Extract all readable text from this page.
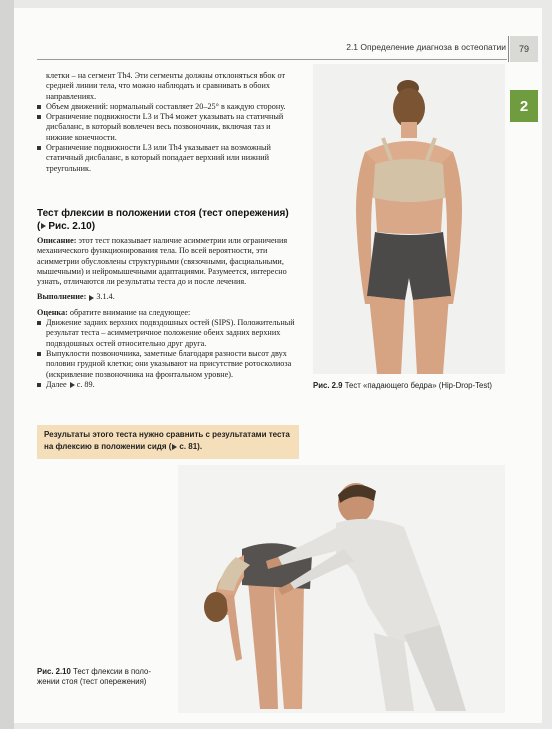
2.1 Определение диагноза в остеопатии	79
2

клетки – на сегмент Th4. Эти сегменты должны отклоняться вбок от средней линии тела, что можно наблюдать и сравнивать в обоих направлениях.

Объем движений: нормальный составляет 20–25° в каждую сторону.
Ограничение подвижности L3 и Th4 может указывать на статичный дисбаланс, в который вовлечен весь позвоночник, включая таз и нижние конечности.
Ограничение подвижности L3 или Th4 указывает на возможный статичный дисбаланс, в который попадает верхний или нижний треугольник.
Тест флексии в положении стоя (тест опережения)
( Рис. 2.10)

Описание: этот тест показывает наличие асимметрии или ограничения механического функционирования тела. По всей вероятности, эти асимметрии обусловлены структурными (связочными, фасциальными, мышечными) и нейромышечными адаптациями. Разумеется, интересно узнать, отличаются ли результаты теста до и после лечения.

Выполнение: 3.1.4.

Оценка: обратите внимание на следующее:

Движение задних верхних подвздошных остей (SIPS). Положительный результат теста – асимметричное положение обеих задних верхних подвздошных остей относительно друг друга.
Выпуклости позвоночника, заметные благодаря разности высот двух половин грудной клетки; они указывают на присутствие ротосколиоза (искривление позвоночника на фронтальном уровне).
Далее с. 89.
Результаты этого теста нужно сравнить с результатами теста
на флексию в положении сидя ( с. 81).
Рис. 2.9 Тест «падающего бедра» (Hip-Drop-Test)
Рис. 2.10 Тест флексии в поло-
жении стоя (тест опережения)
